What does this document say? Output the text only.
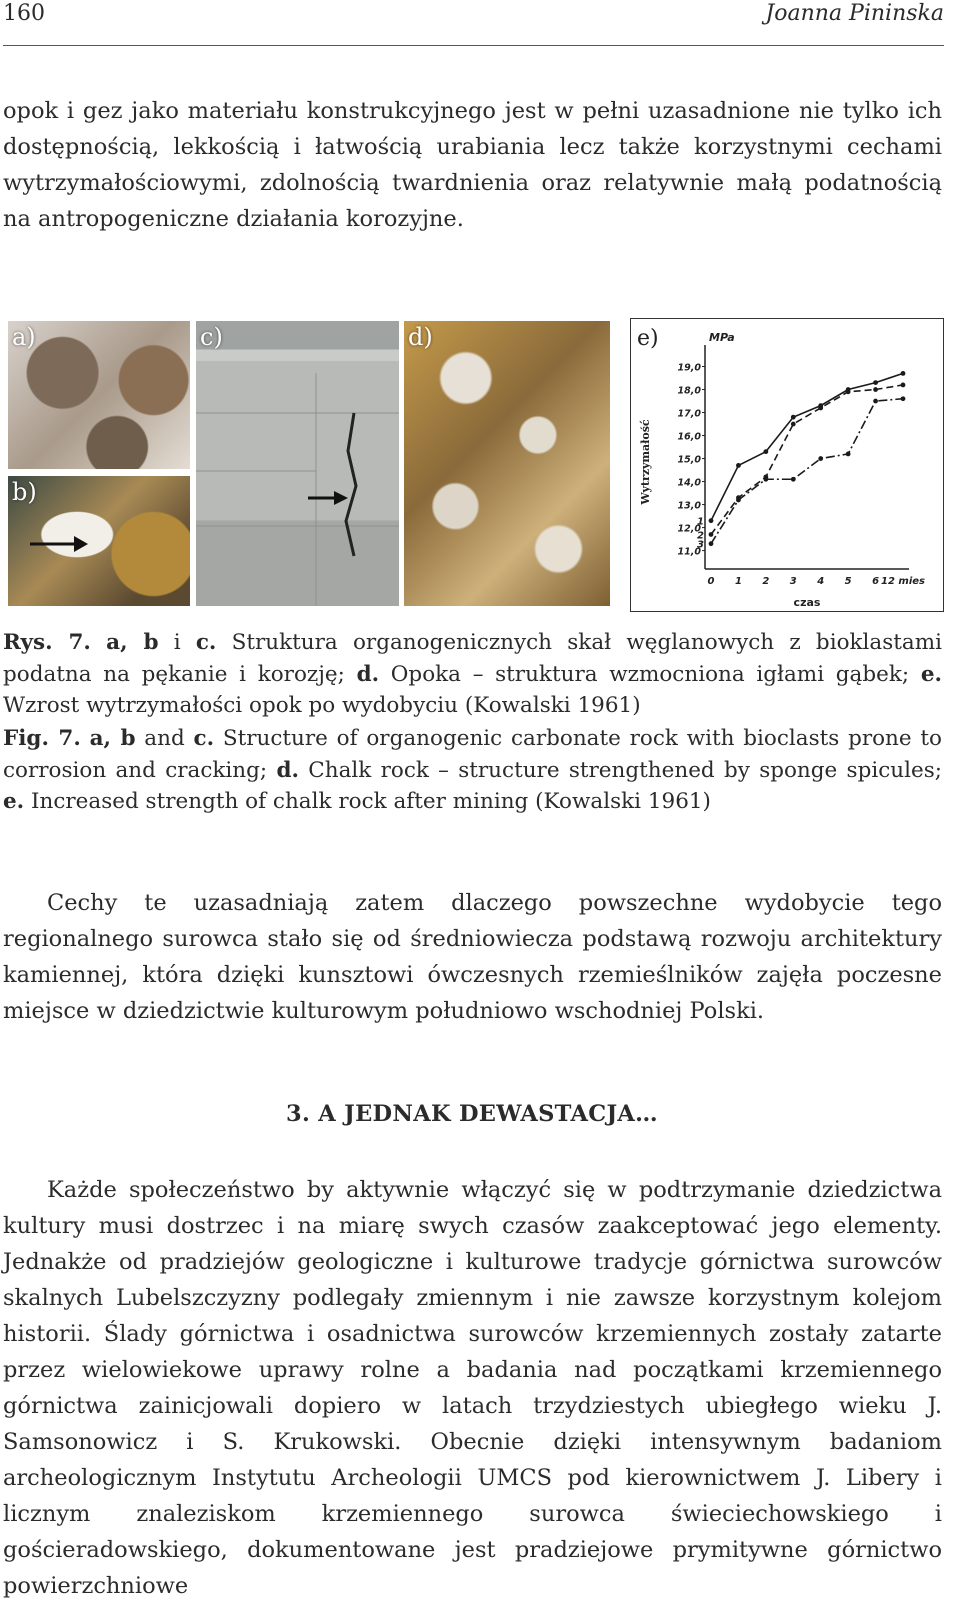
160	Joanna Pininska

opok i gez jako materiału konstrukcyjnego jest w pełni uzasadnione nie tylko ich dostępnością, lekkością i łatwością urabiania lecz także korzystnymi cechami wytrzymałościowymi, zdolnością twardnienia oraz relatywnie małą podatnością na antropogeniczne działania korozyjne.

a)
b)
c)	d)	e)	MPa
11,0
12,0
13,0
14,0
15,0
16,0
17,0
18,0
19,0
0 1 2 3 4 5 6 12 mies
czas
Wytrzymałość
1
2
3

Rys. 7. a, b i c. Struktura organogenicznych skał węglanowych z bioklastami podatna na pękanie i korozję; d. Opoka – struktura wzmocniona igłami gąbek; e. Wzrost wytrzymałości opok po wydobyciu (Kowalski 1961)

Fig. 7. a, b and c. Structure of organogenic carbonate rock with bioclasts prone to corrosion and cracking; d. Chalk rock – structure strengthened by sponge spicules; e. Increased strength of chalk rock after mining (Kowalski 1961)

Cechy te uzasadniają zatem dlaczego powszechne wydobycie tego regionalnego surowca stało się od średniowiecza podstawą rozwoju architektury kamiennej, która dzięki kunsztowi ówczesnych rzemieślników zajęła poczesne miejsce w dziedzictwie kulturowym południowo wschodniej Polski.

3. A JEDNAK DEWASTACJA…

Każde społeczeństwo by aktywnie włączyć się w podtrzymanie dziedzictwa kultury musi dostrzec i na miarę swych czasów zaakceptować jego elementy. Jednakże od pradziejów geologiczne i kulturowe tradycje górnictwa surowców skalnych Lubelszczyzny podlegały zmiennym i nie zawsze korzystnym kolejom historii. Ślady górnictwa i osadnictwa surowców krzemiennych zostały zatarte przez wielowiekowe uprawy rolne a badania nad początkami krzemiennego górnictwa zainicjowali dopiero w latach trzydziestych ubiegłego wieku J. Samsonowicz i S. Krukowski. Obecnie dzięki intensywnym badaniom archeologicznym Instytutu Archeologii UMCS pod kierownictwem J. Libery i licznym znaleziskom krzemiennego surowca świeciechowskiego i gościeradowskiego, dokumentowane jest pradziejowe prymitywne górnictwo powierzchniowe
